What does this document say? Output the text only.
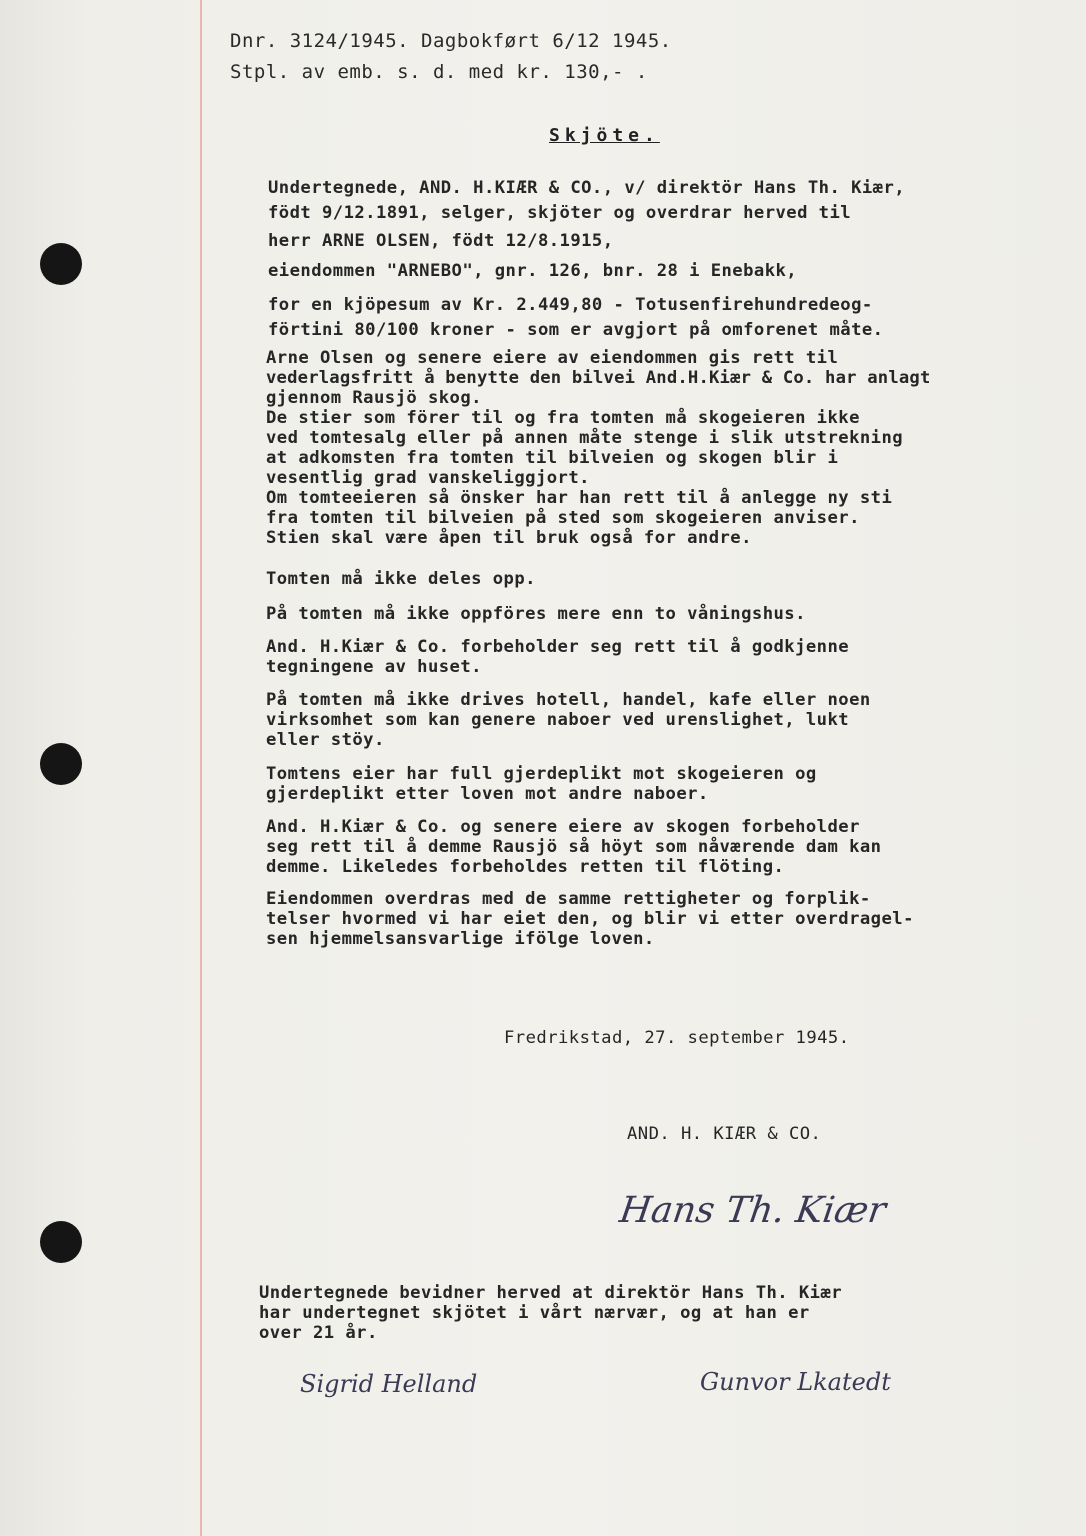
Dnr. 3124/1945. Dagbokført 6/12 1945.
Stpl. av emb. s. d. med kr. 130,- .
Skjöte.
Undertegnede, AND. H.KIÆR & CO., v/ direktör Hans Th. Kiær,
födt 9/12.1891, selger, skjöter og overdrar herved til
herr ARNE OLSEN, födt 12/8.1915,
eiendommen "ARNEBO", gnr. 126, bnr. 28 i Enebakk,
for en kjöpesum av Kr. 2.449,80 - Totusenfirehundredeog-
förtini 80/100 kroner - som er avgjort på omforenet måte.
Arne Olsen og senere eiere av eiendommen gis rett til
vederlagsfritt å benytte den bilvei And.H.Kiær & Co. har anlagt
gjennom Rausjö skog.
De stier som förer til og fra tomten må skogeieren ikke
ved tomtesalg eller på annen måte stenge i slik utstrekning
at adkomsten fra tomten til bilveien og skogen blir i
vesentlig grad vanskeliggjort.
Om tomteeieren så önsker har han rett til å anlegge ny sti
fra tomten til bilveien på sted som skogeieren anviser.
Stien skal være åpen til bruk også for andre.
Tomten må ikke deles opp.
På tomten må ikke oppföres mere enn to våningshus.
And. H.Kiær & Co. forbeholder seg rett til å godkjenne
tegningene av huset.
På tomten må ikke drives hotell, handel, kafe eller noen
virksomhet som kan genere naboer ved urenslighet, lukt
eller stöy.
Tomtens eier har full gjerdeplikt mot skogeieren og
gjerdeplikt etter loven mot andre naboer.
And. H.Kiær & Co. og senere eiere av skogen forbeholder
seg rett til å demme Rausjö så höyt som nåværende dam kan
demme. Likeledes forbeholdes retten til flöting.
Eiendommen overdras med de samme rettigheter og forplik-
telser hvormed vi har eiet den, og blir vi etter overdragel-
sen hjemmelsansvarlige ifölge loven.
Fredrikstad, 27. september 1945.
AND. H. KIÆR & CO.
Hans Th. Kiær
Undertegnede bevidner herved at direktör Hans Th. Kiær
har undertegnet skjötet i vårt nærvær, og at han er
over 21 år.
Sigrid Helland	Gunvor Lkatedt
